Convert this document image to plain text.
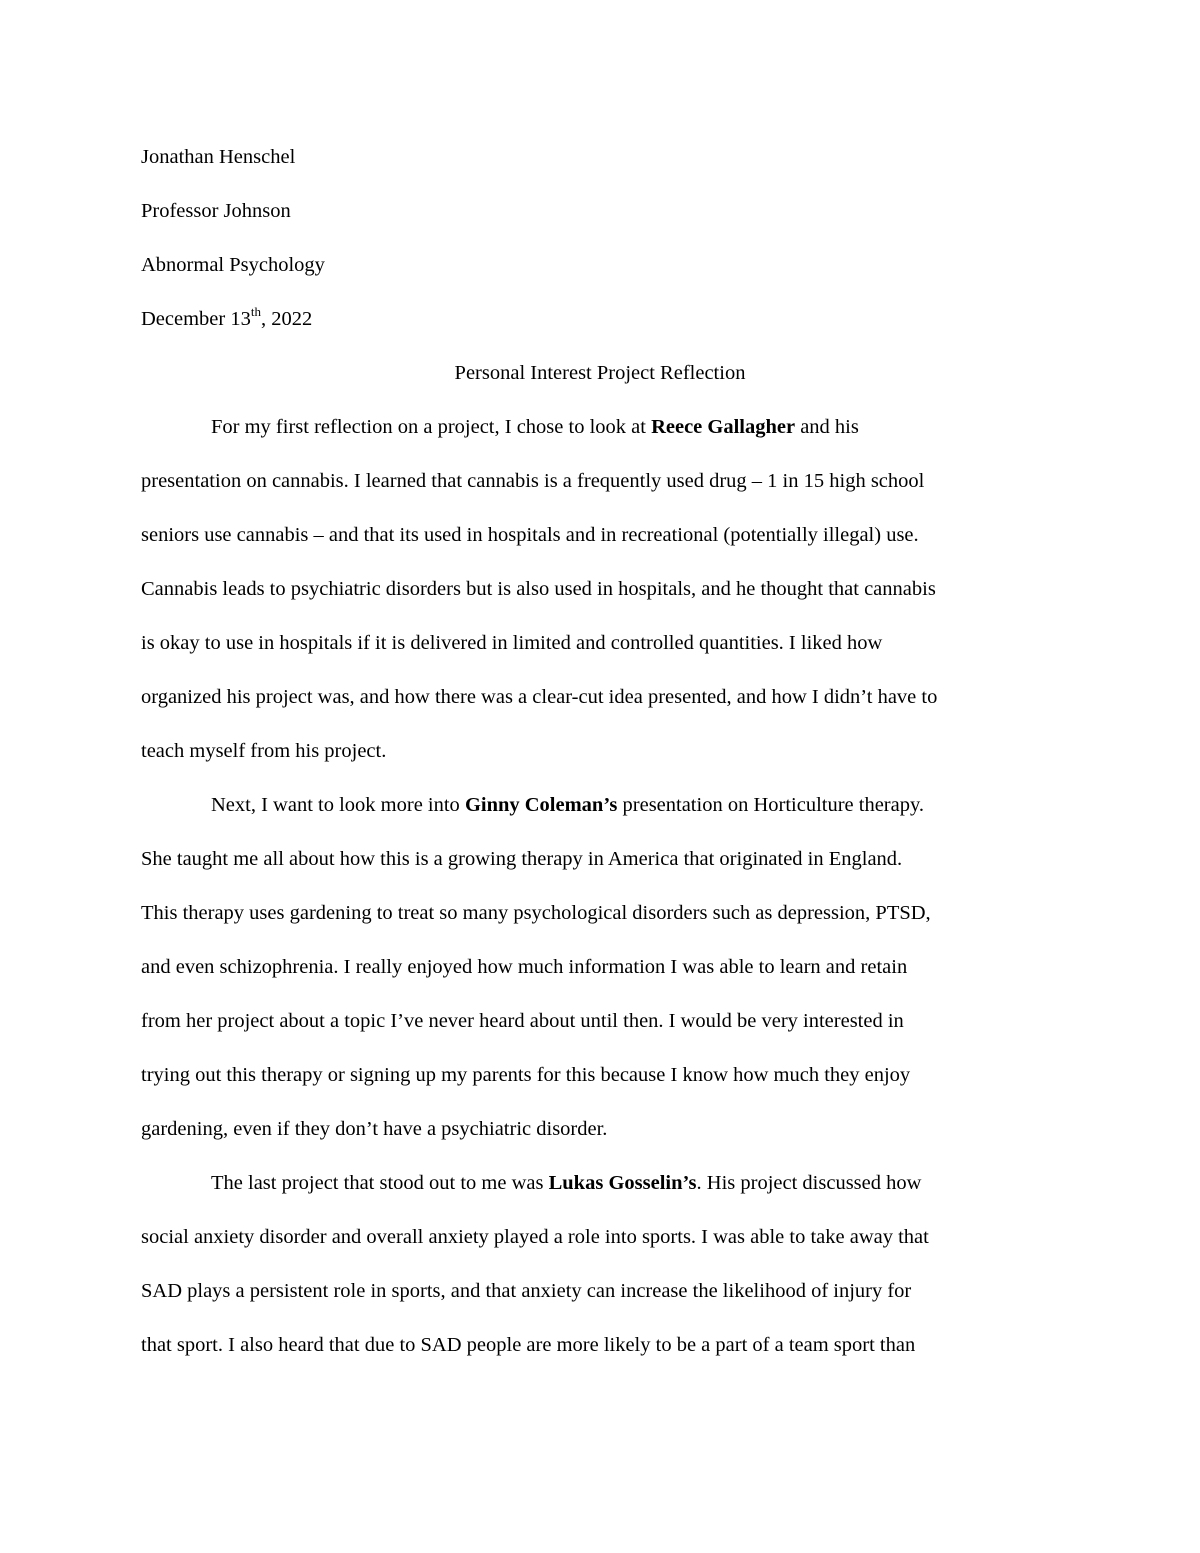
Jonathan Henschel
Professor Johnson
Abnormal Psychology
December 13th, 2022
Personal Interest Project Reflection
For my first reflection on a project, I chose to look at Reece Gallagher and his
presentation on cannabis. I learned that cannabis is a frequently used drug – 1 in 15 high school
seniors use cannabis – and that its used in hospitals and in recreational (potentially illegal) use.
Cannabis leads to psychiatric disorders but is also used in hospitals, and he thought that cannabis
is okay to use in hospitals if it is delivered in limited and controlled quantities. I liked how
organized his project was, and how there was a clear-cut idea presented, and how I didn’t have to
teach myself from his project.
Next, I want to look more into Ginny Coleman’s presentation on Horticulture therapy.
She taught me all about how this is a growing therapy in America that originated in England.
This therapy uses gardening to treat so many psychological disorders such as depression, PTSD,
and even schizophrenia. I really enjoyed how much information I was able to learn and retain
from her project about a topic I’ve never heard about until then. I would be very interested in
trying out this therapy or signing up my parents for this because I know how much they enjoy
gardening, even if they don’t have a psychiatric disorder.
The last project that stood out to me was Lukas Gosselin’s. His project discussed how
social anxiety disorder and overall anxiety played a role into sports. I was able to take away that
SAD plays a persistent role in sports, and that anxiety can increase the likelihood of injury for
that sport. I also heard that due to SAD people are more likely to be a part of a team sport than
